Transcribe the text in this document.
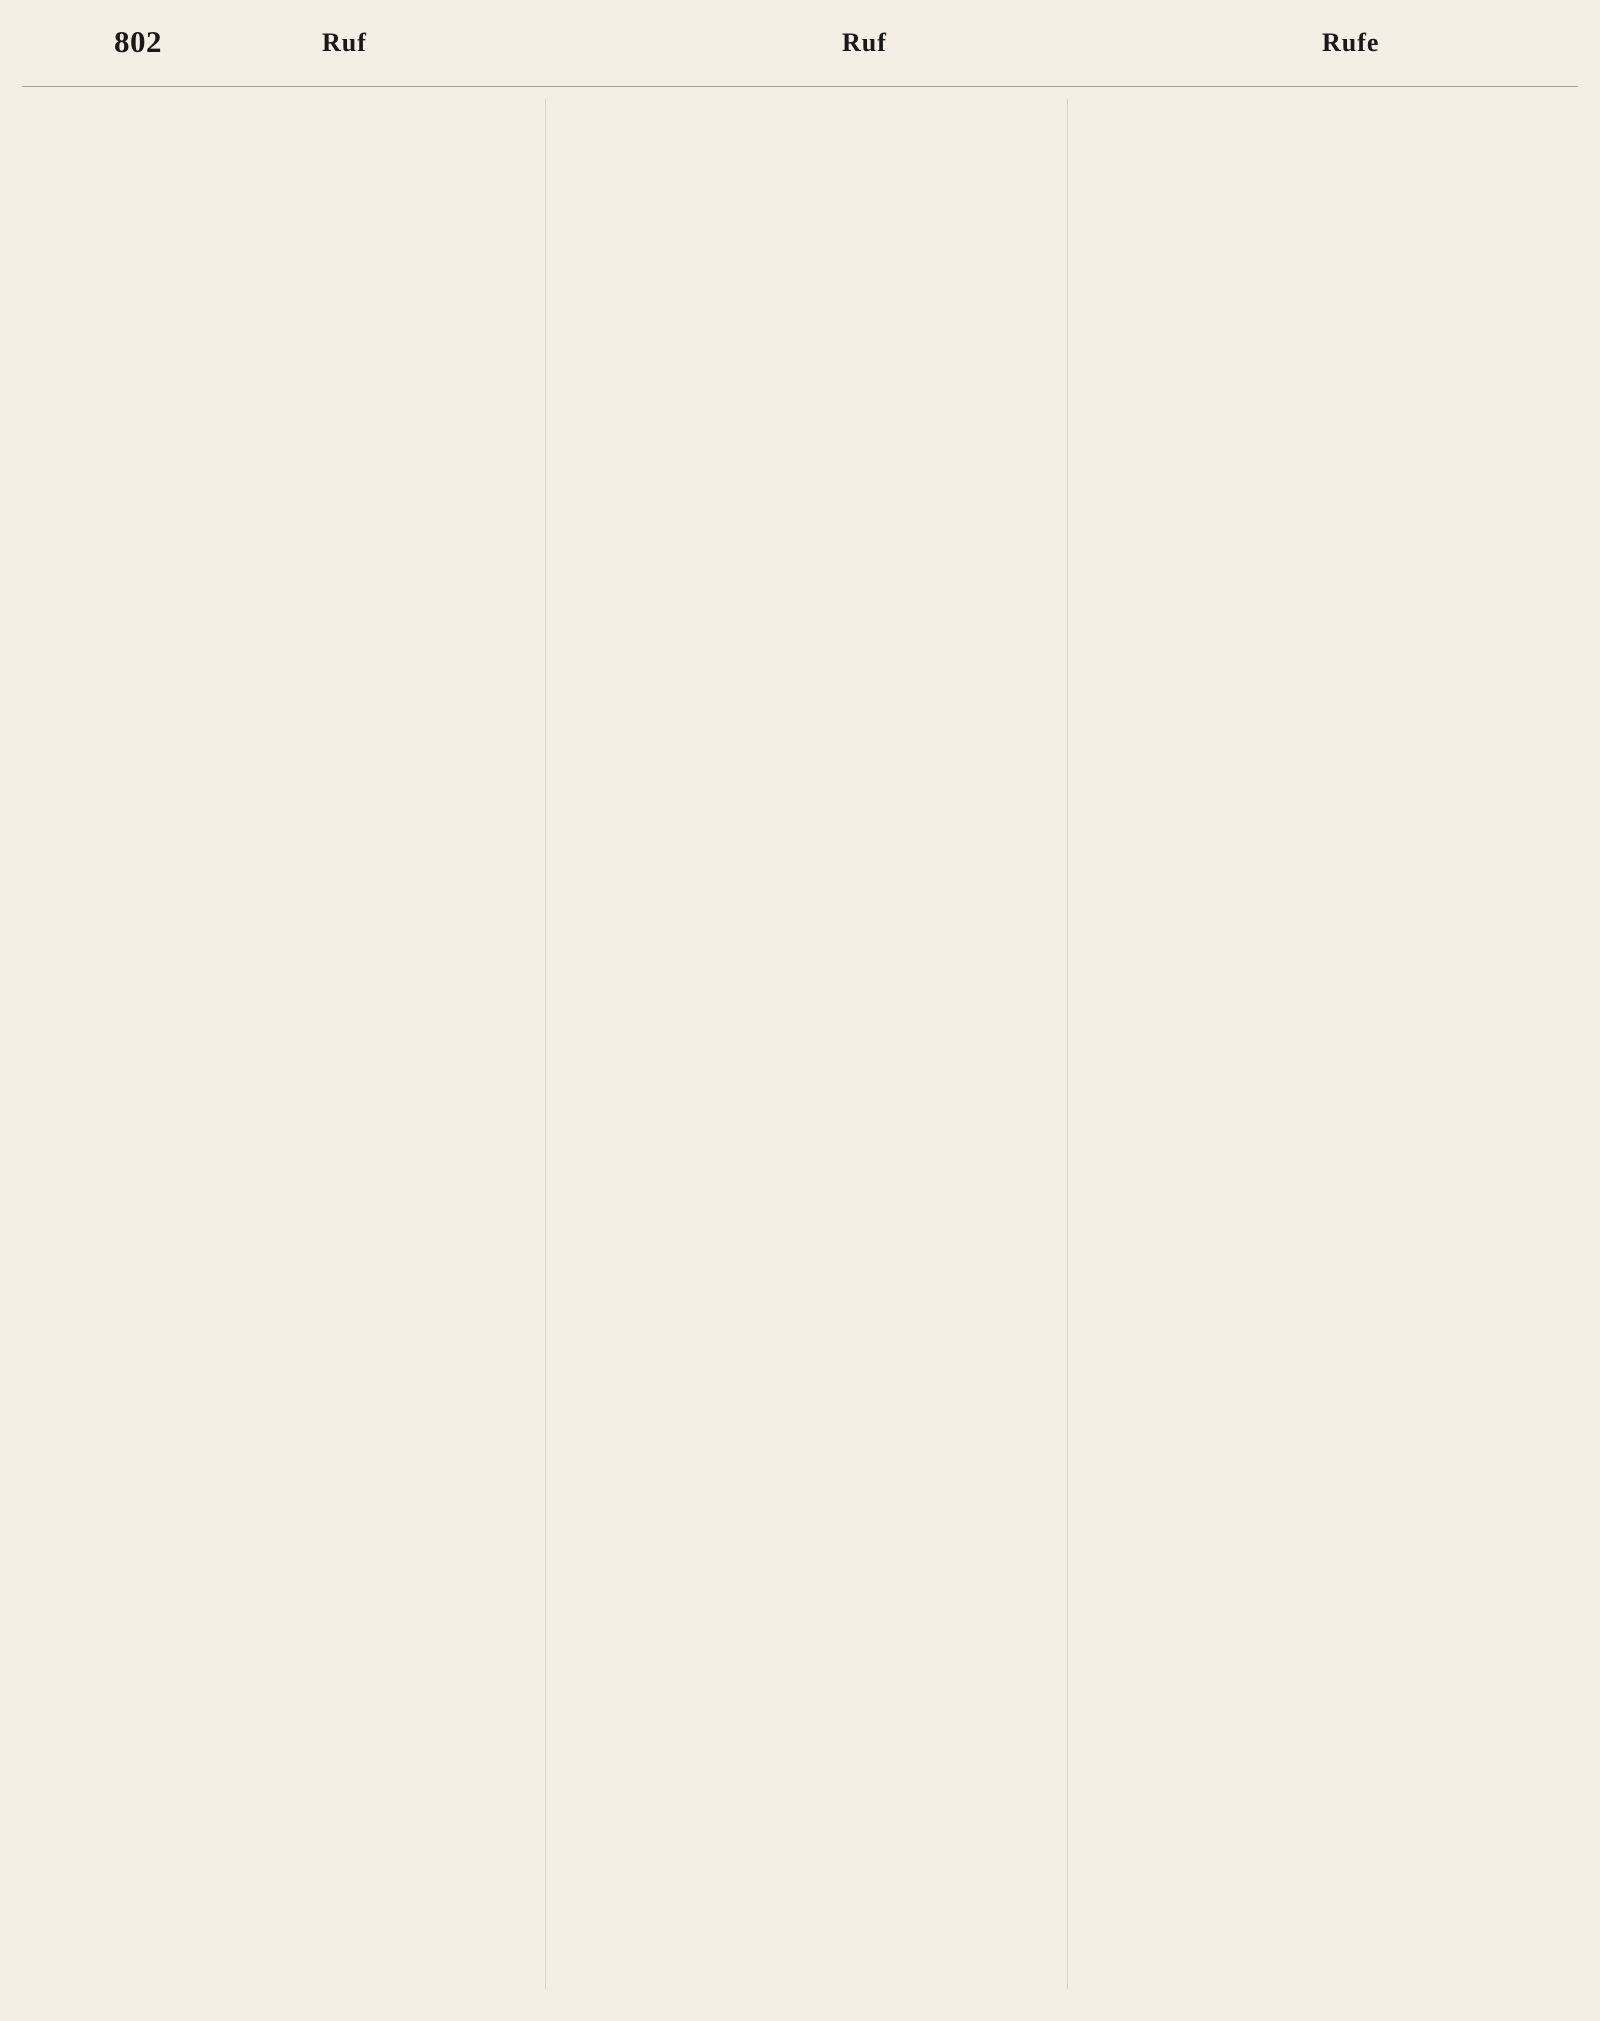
802	Ruf	Ruf	Rufe
